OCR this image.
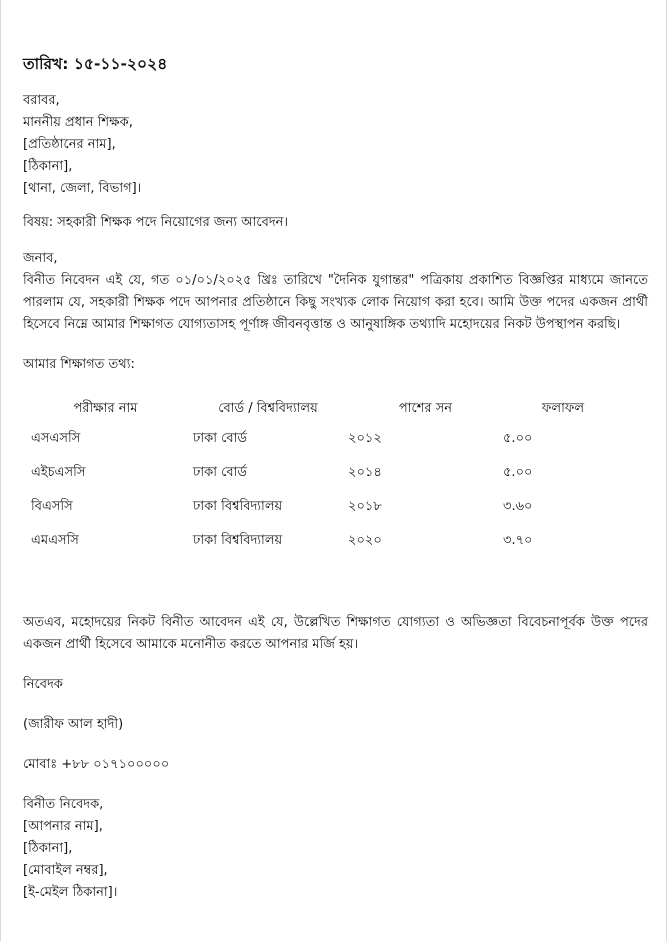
তারিখ: ১৫-১১-২০২৪
বরাবর,
মাননীয় প্রধান শিক্ষক,
[প্রতিষ্ঠানের নাম],
[ঠিকানা],
[থানা, জেলা, বিভাগ]।
বিষয়: সহকারী শিক্ষক পদে নিয়োগের জন্য আবেদন।
জনাব,
বিনীত নিবেদন এই যে, গত ০১/০১/২০২৫ খ্রিঃ তারিখে "দৈনিক যুগান্তর" পত্রিকায় প্রকাশিত বিজ্ঞপ্তির মাধ্যমে জানতে পারলাম যে, সহকারী শিক্ষক পদে আপনার প্রতিষ্ঠানে কিছু সংখ্যক লোক নিয়োগ করা হবে। আমি উক্ত পদের একজন প্রার্থী হিসেবে নিম্নে আমার শিক্ষাগত যোগ্যতাসহ পূর্ণাঙ্গ জীবনবৃত্তান্ত ও আনুষাঙ্গিক তথ্যাদি মহোদয়ের নিকট উপস্থাপন করছি।
আমার শিক্ষাগত তথ্য:
পরীক্ষার নাম	বোর্ড / বিশ্ববিদ্যালয়	পাশের সন	ফলাফল
এসএসসি	ঢাকা বোর্ড	২০১২	৫.০০
এইচএসসি	ঢাকা বোর্ড	২০১৪	৫.০০
বিএসসি	ঢাকা বিশ্ববিদ্যালয়	২০১৮	৩.৬০
এমএসসি	ঢাকা বিশ্ববিদ্যালয়	২০২০	৩.৭০
অতএব, মহোদয়ের নিকট বিনীত আবেদন এই যে, উল্লেখিত শিক্ষাগত যোগ্যতা ও অভিজ্ঞতা বিবেচনাপূর্বক উক্ত পদের একজন প্রার্থী হিসেবে আমাকে মনোনীত করতে আপনার মর্জি হয়।
নিবেদক
(জারীফ আল হাদী)
মোবাঃ +৮৮ ০১৭১০০০০০
বিনীত নিবেদক,
[আপনার নাম],
[ঠিকানা],
[মোবাইল নম্বর],
[ই-মেইল ঠিকানা]।
